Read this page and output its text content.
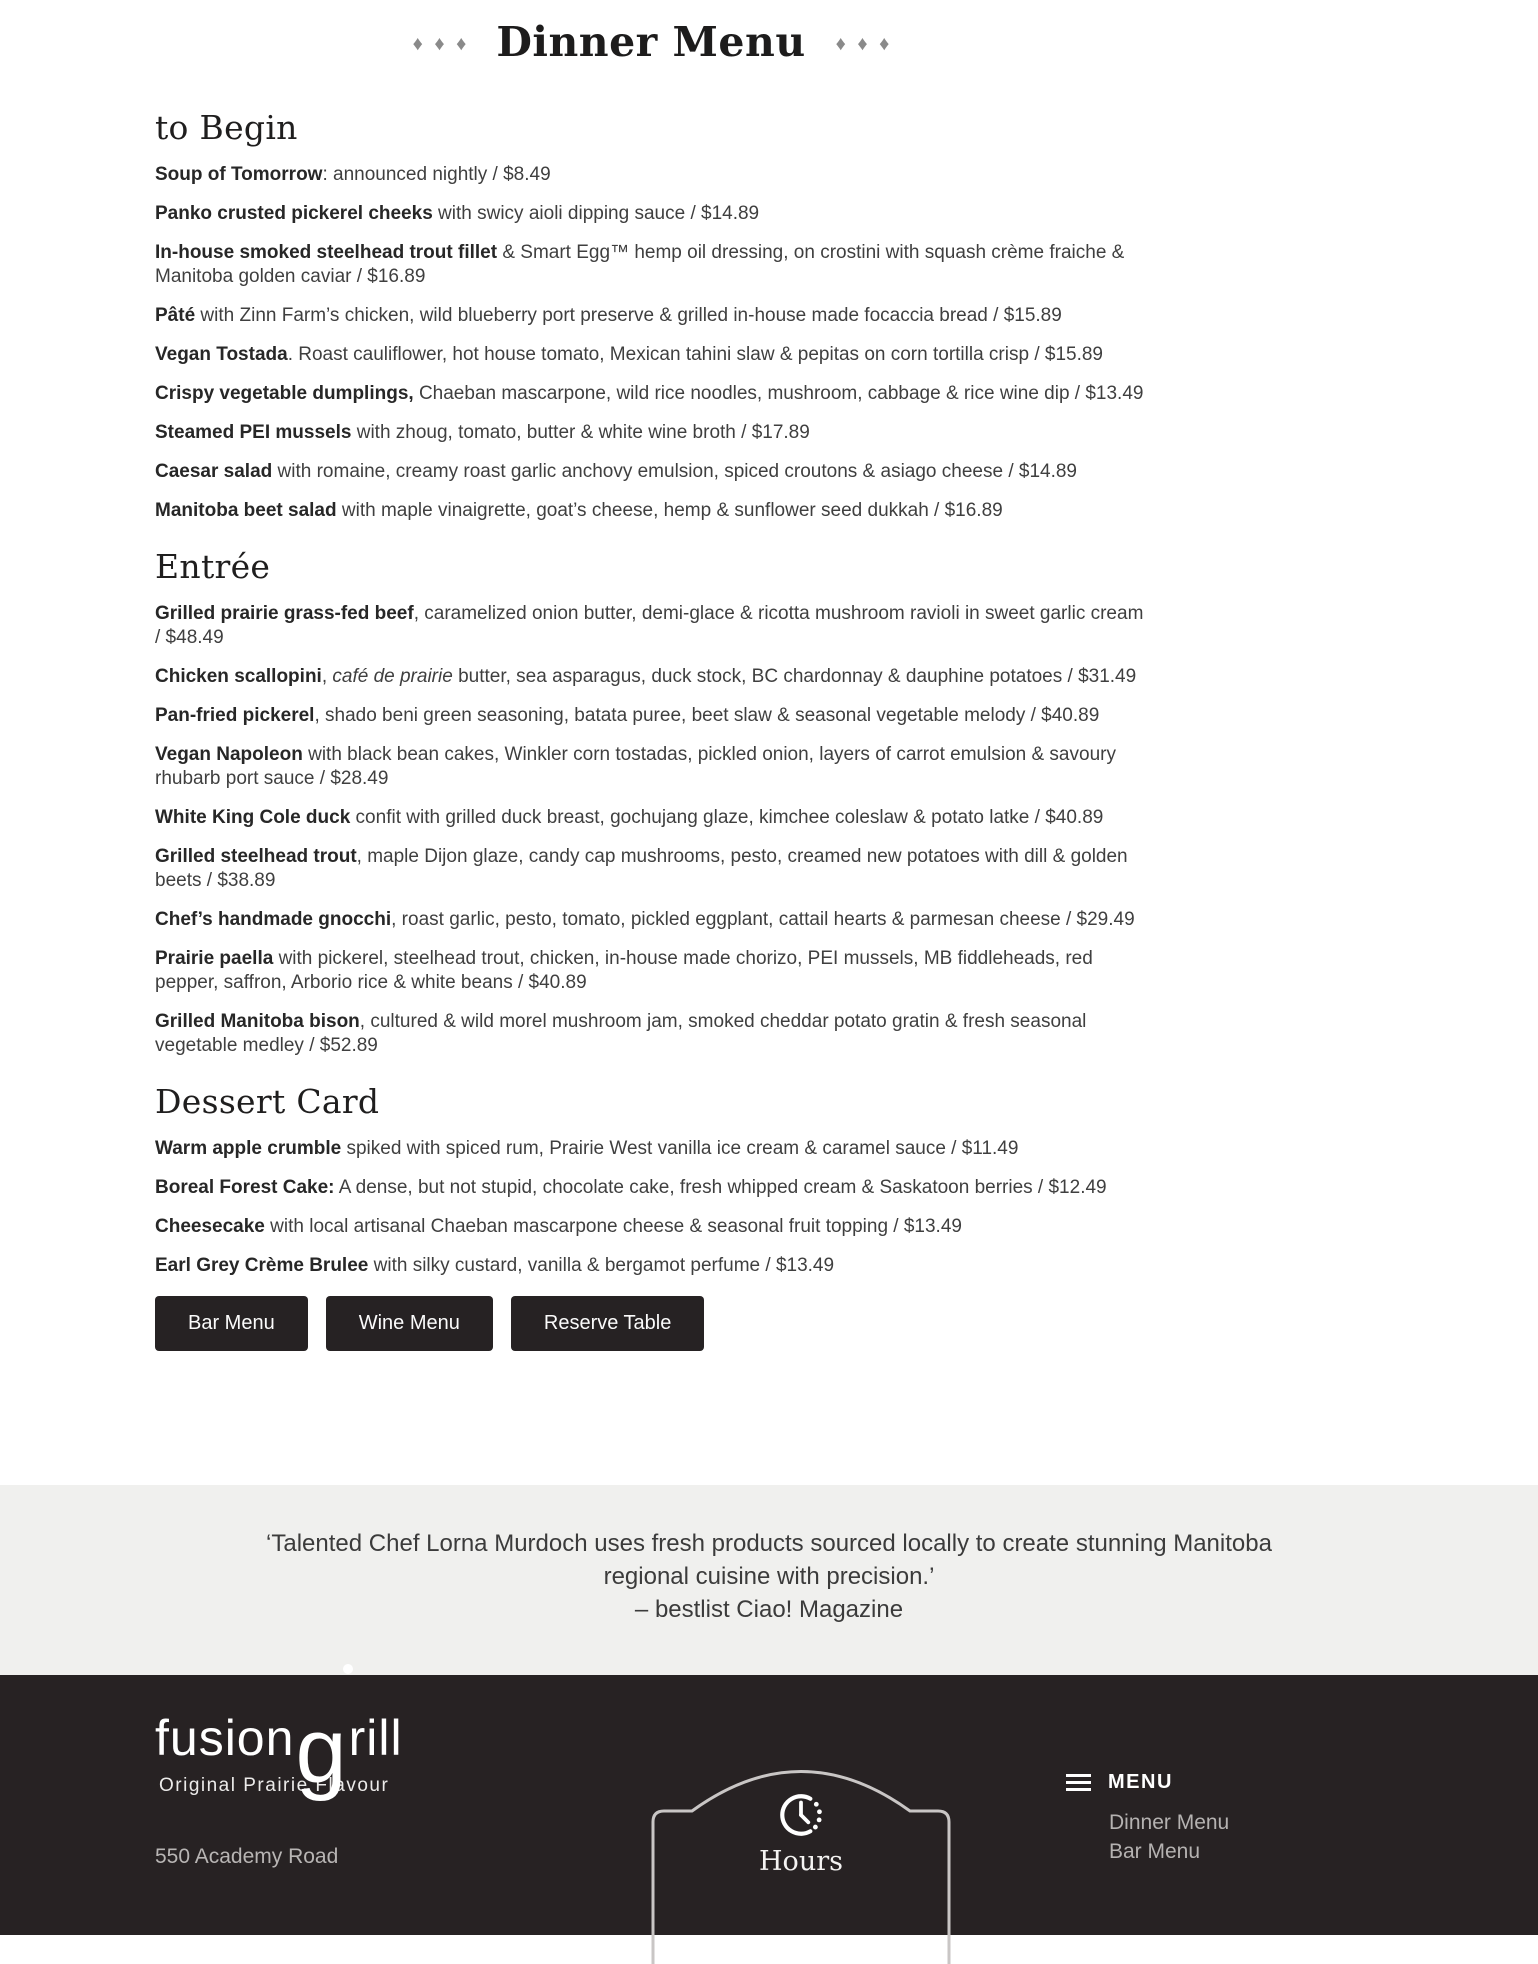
♦ ♦ ♦ Dinner Menu ♦ ♦ ♦
to Begin

Soup of Tomorrow: announced nightly / $8.49

Panko crusted pickerel cheeks with swicy aioli dipping sauce / $14.89

In-house smoked steelhead trout fillet & Smart Egg™ hemp oil dressing, on crostini with squash crème fraiche & Manitoba golden caviar / $16.89

Pâté with Zinn Farm’s chicken, wild blueberry port preserve & grilled in-house made focaccia bread / $15.89

Vegan Tostada. Roast cauliflower, hot house tomato, Mexican tahini slaw & pepitas on corn tortilla crisp / $15.89

Crispy vegetable dumplings, Chaeban mascarpone, wild rice noodles, mushroom, cabbage & rice wine dip / $13.49

Steamed PEI mussels with zhoug, tomato, butter & white wine broth / $17.89

Caesar salad with romaine, creamy roast garlic anchovy emulsion, spiced croutons & asiago cheese / $14.89

Manitoba beet salad with maple vinaigrette, goat’s cheese, hemp & sunflower seed dukkah / $16.89

Entrée

Grilled prairie grass-fed beef, caramelized onion butter, demi-glace & ricotta mushroom ravioli in sweet garlic cream / $48.49

Chicken scallopini, café de prairie butter, sea asparagus, duck stock, BC chardonnay & dauphine potatoes / $31.49

Pan-fried pickerel, shado beni green seasoning, batata puree, beet slaw & seasonal vegetable melody / $40.89

Vegan Napoleon with black bean cakes, Winkler corn tostadas, pickled onion, layers of carrot emulsion & savoury rhubarb port sauce / $28.49

White King Cole duck confit with grilled duck breast, gochujang glaze, kimchee coleslaw & potato latke / $40.89

Grilled steelhead trout, maple Dijon glaze, candy cap mushrooms, pesto, creamed new potatoes with dill & golden beets / $38.89

Chef’s handmade gnocchi, roast garlic, pesto, tomato, pickled eggplant, cattail hearts & parmesan cheese / $29.49

Prairie paella with pickerel, steelhead trout, chicken, in-house made chorizo, PEI mussels, MB fiddleheads, red pepper, saffron, Arborio rice & white beans / $40.89

Grilled Manitoba bison, cultured & wild morel mushroom jam, smoked cheddar potato gratin & fresh seasonal vegetable medley / $52.89

Dessert Card

Warm apple crumble spiked with spiced rum, Prairie West vanilla ice cream & caramel sauce / $11.49

Boreal Forest Cake: A dense, but not stupid, chocolate cake, fresh whipped cream & Saskatoon berries / $12.49

Cheesecake with local artisanal Chaeban mascarpone cheese & seasonal fruit topping / $13.49

Earl Grey Crème Brulee with silky custard, vanilla & bergamot perfume / $13.49

Bar Menu	Wine Menu	Reserve Table

‘Talented Chef Lorna Murdoch uses fresh products sourced locally to create stunning Manitoba regional cuisine with precision.’

– bestlist Ciao! Magazine

fusiong
rill
Original Prairie Flavour
550 Academy Road	Hours
MENU
Dinner Menu
Bar Menu
